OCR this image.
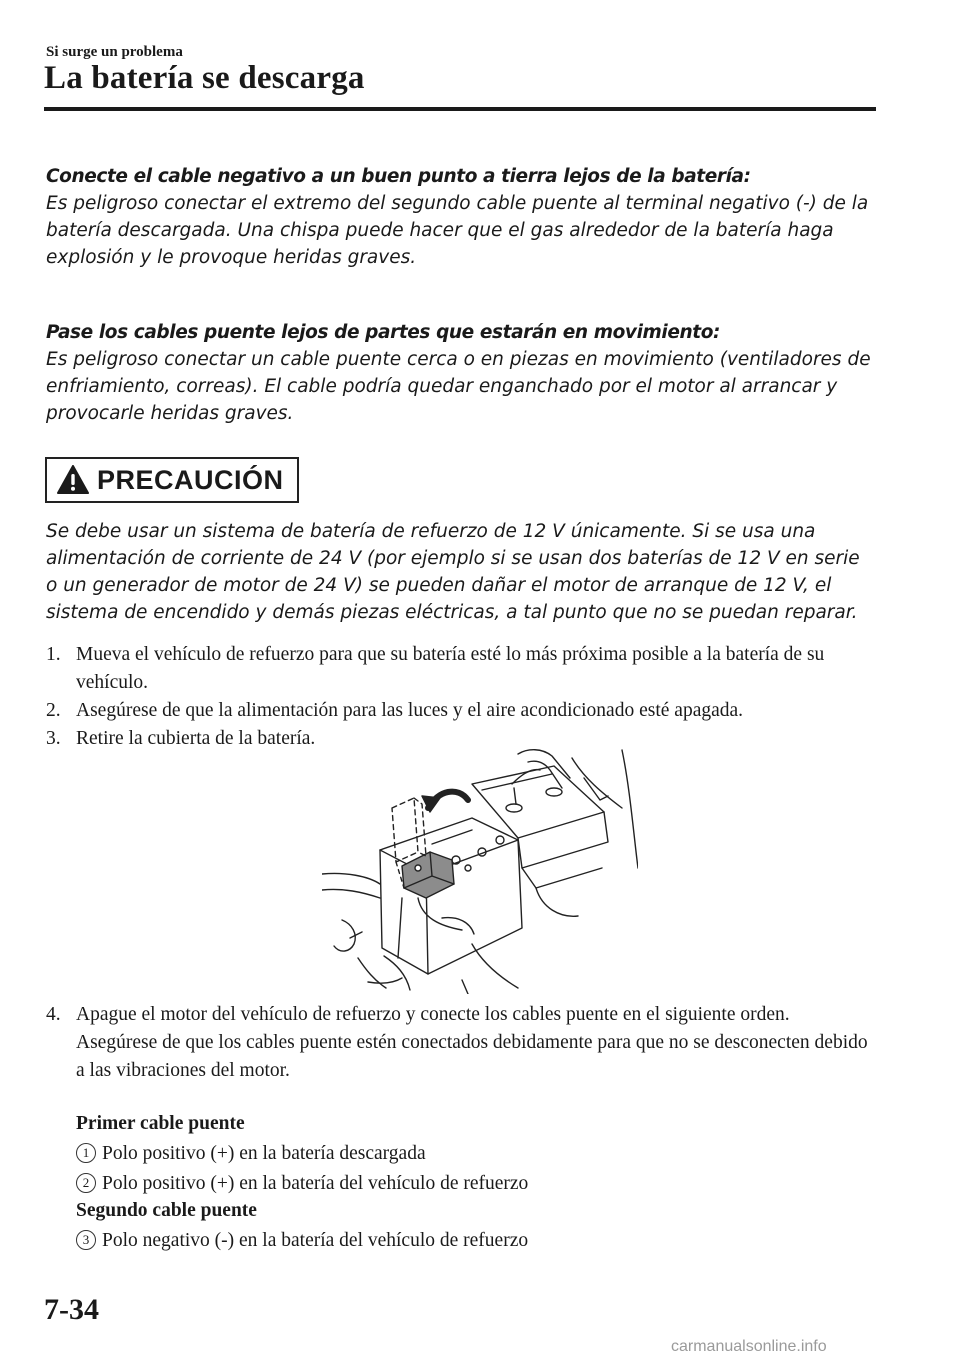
Si surge un problema
La batería se descarga
Conecte el cable negativo a un buen punto a tierra lejos de la batería:
Es peligroso conectar el extremo del segundo cable puente al terminal negativo (-) de la batería descargada. Una chispa puede hacer que el gas alrededor de la batería haga explosión y le provoque heridas graves.
Pase los cables puente lejos de partes que estarán en movimiento:
Es peligroso conectar un cable puente cerca o en piezas en movimiento (ventiladores de enfriamiento, correas). El cable podría quedar enganchado por el motor al arrancar y provocarle heridas graves.
PRECAUCIÓN
Se debe usar un sistema de batería de refuerzo de 12 V únicamente. Si se usa una alimentación de corriente de 24 V (por ejemplo si se usan dos baterías de 12 V en serie o un generador de motor de 24 V) se pueden dañar el motor de arranque de 12 V, el sistema de encendido y demás piezas eléctricas, a tal punto que no se puedan reparar.
1. Mueva el vehículo de refuerzo para que su batería esté lo más próxima posible a la batería de su vehículo.
2. Asegúrese de que la alimentación para las luces y el aire acondicionado esté apagada.
3. Retire la cubierta de la batería.
4. Apague el motor del vehículo de refuerzo y conecte los cables puente en el siguiente orden.
Asegúrese de que los cables puente estén conectados debidamente para que no se desconecten debido a las vibraciones del motor.
Primer cable puente
1 Polo positivo (+) en la batería descargada
2 Polo positivo (+) en la batería del vehículo de refuerzo
Segundo cable puente
3 Polo negativo (-) en la batería del vehículo de refuerzo
7-34
carmanualsonline.info
